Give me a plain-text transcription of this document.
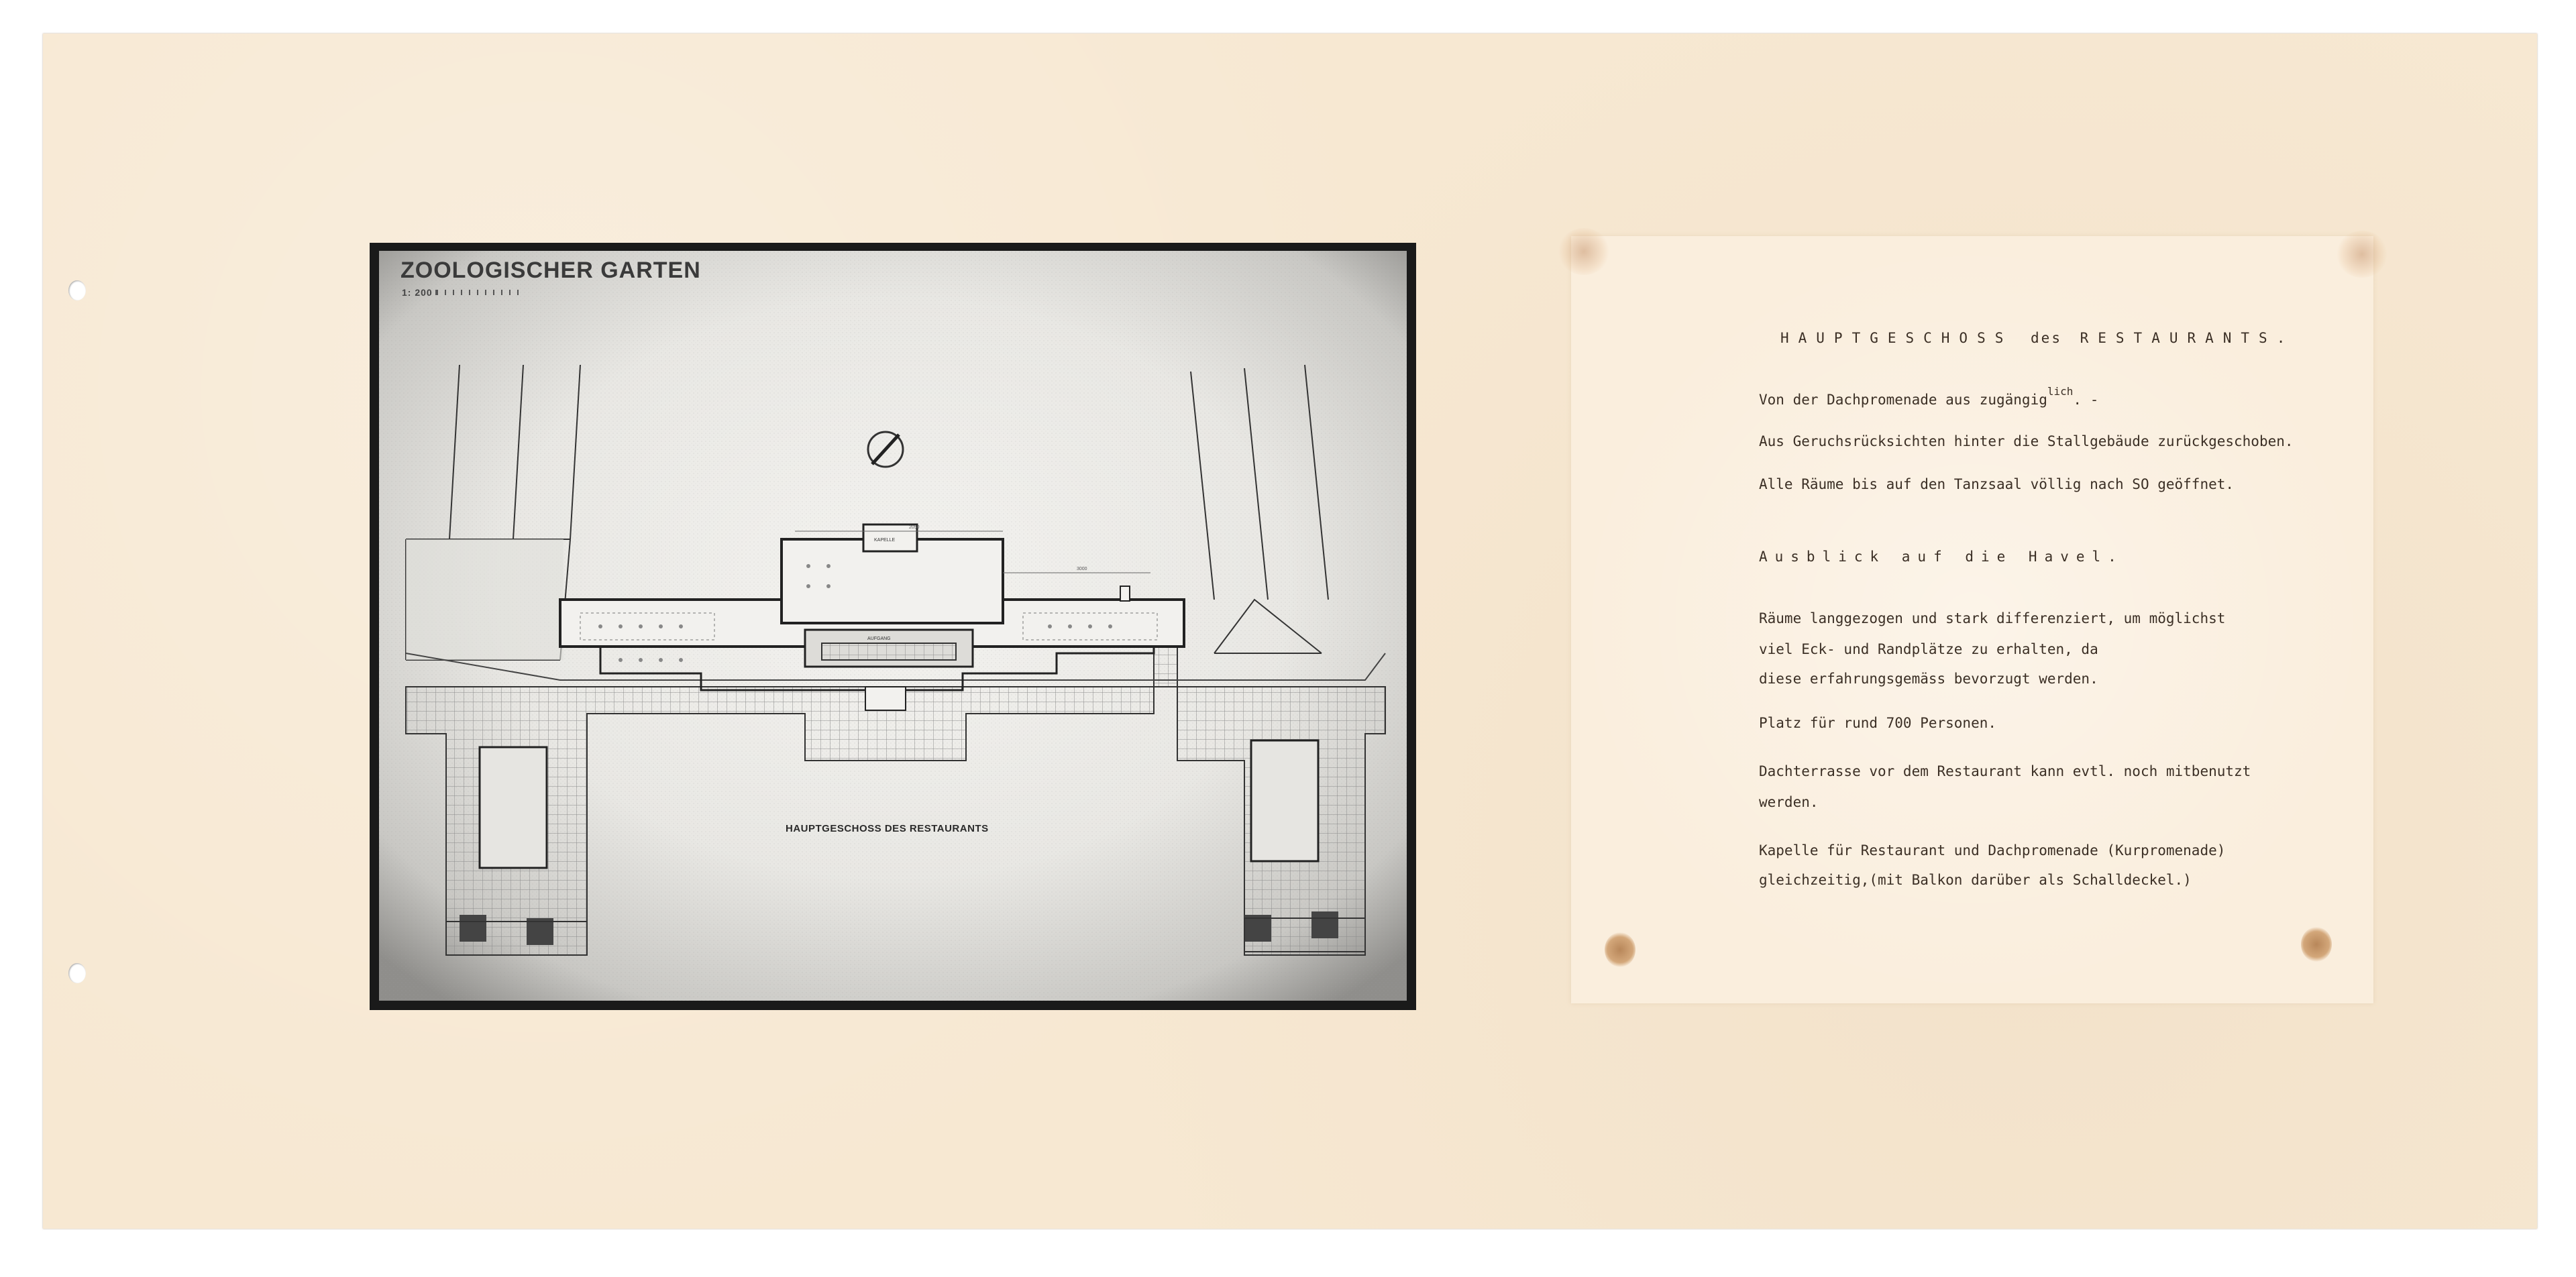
KAPELLE
AUFGANG
2050
3000
ZOOLOGISCHER GARTEN
1: 200
HAUPTGESCHOSS DES RESTAURANTS

HAUPTGESCHOSS des RESTAURANTS.

Von der Dachpromenade aus zugängig$^{lich}$. -

Aus Geruchsrücksichten hinter die Stallgebäude zurückgeschoben.

Alle Räume bis auf den Tanzsaal völlig nach SO geöffnet.

Ausblick auf die Havel.

Räume langgezogen und stark differenziert, um möglichst

viel Eck- und Randplätze zu erhalten, da

diese erfahrungsgemäss bevorzugt werden.

Platz für rund 700 Personen.

Dachterrasse vor dem Restaurant kann evtl. noch mitbenutzt

werden.

Kapelle für Restaurant und Dachpromenade (Kurpromenade)

gleichzeitig,(mit Balkon darüber als Schalldeckel.)
